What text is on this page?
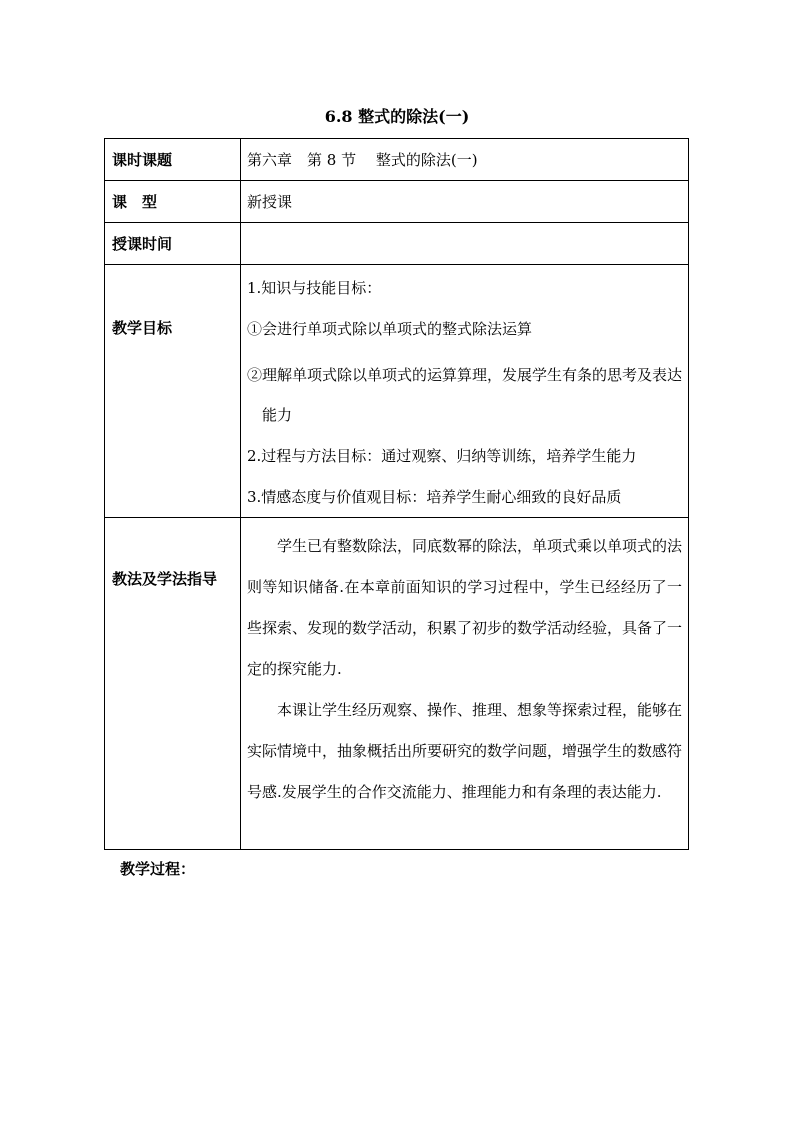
6.8 整式的除法(一)
课时课题	第六章　第 8 节　 整式的除法(一)
课　型	新授课
授课时间	
教学目标	1.知识与技能目标：

①会进行单项式除以单项式的整式除法运算

②理解单项式除以单项式的运算算理，发展学生有条的思考及表达能力

2.过程与方法目标：通过观察、归纳等训练，培养学生能力

3.情感态度与价值观目标：培养学生耐心细致的良好品质

教法及学法指导	学生已有整数除法，同底数幂的除法，单项式乘以单项式的法则等知识储备.在本章前面知识的学习过程中，学生已经经历了一些探索、发现的数学活动，积累了初步的数学活动经验，具备了一定的探究能力.

本课让学生经历观察、操作、推理、想象等探索过程，能够在实际情境中，抽象概括出所要研究的数学问题，增强学生的数感符号感.发展学生的合作交流能力、推理能力和有条理的表达能力.

教学过程：
